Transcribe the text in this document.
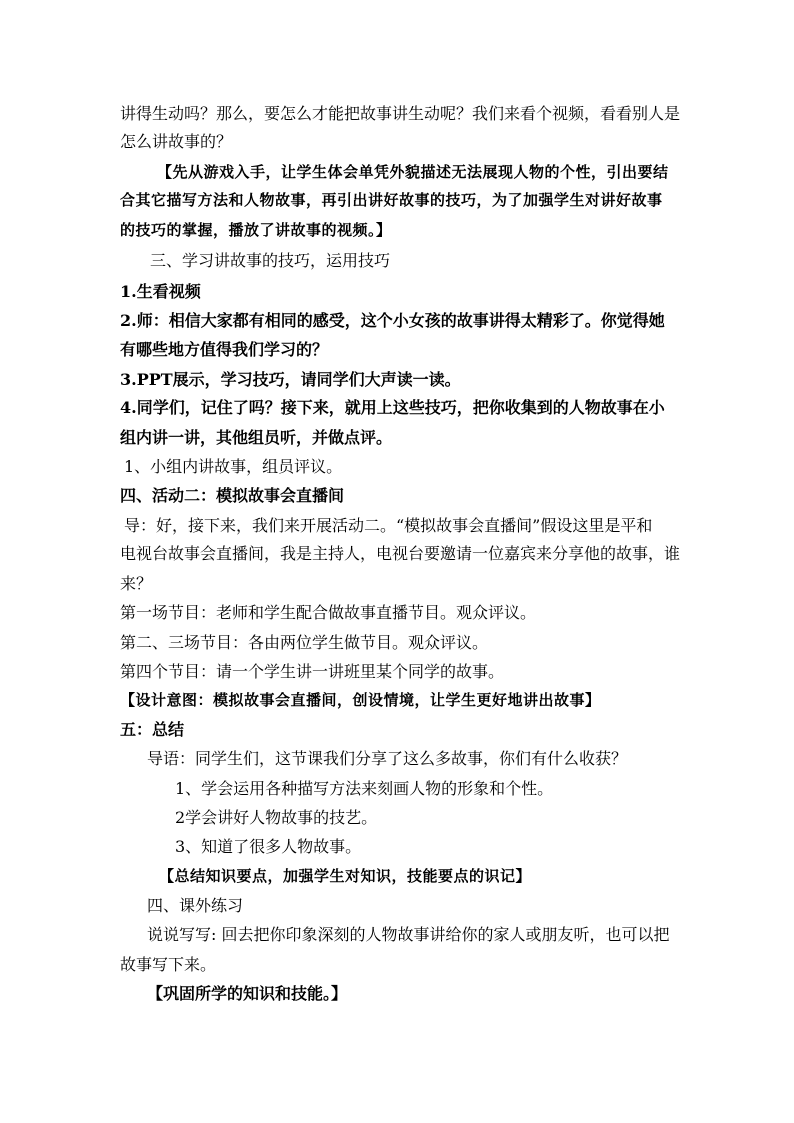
讲得生动吗？那么，要怎么才能把故事讲生动呢？我们来看个视频，看看别人是
怎么讲故事的？
【先从游戏入手，让学生体会单凭外貌描述无法展现人物的个性，引出要结
合其它描写方法和人物故事，再引出讲好故事的技巧，为了加强学生对讲好故事
的技巧的掌握，播放了讲故事的视频。】
三、学习讲故事的技巧，运用技巧
1.生看视频
2.师：相信大家都有相同的感受，这个小女孩的故事讲得太精彩了。你觉得她
有哪些地方值得我们学习的？
3.PPT展示，学习技巧，请同学们大声读一读。
4.同学们，记住了吗？接下来，就用上这些技巧，把你收集到的人物故事在小
组内讲一讲，其他组员听，并做点评。
1、小组内讲故事，组员评议。
四、活动二：模拟故事会直播间
导：好，接下来，我们来开展活动二。“模拟故事会直播间”假设这里是平和
电视台故事会直播间，我是主持人，电视台要邀请一位嘉宾来分享他的故事，谁
来？
第一场节目：老师和学生配合做故事直播节目。观众评议。
第二、三场节目：各由两位学生做节目。观众评议。
第四个节目：请一个学生讲一讲班里某个同学的故事。
【设计意图：模拟故事会直播间，创设情境，让学生更好地讲出故事】
五：总结
导语：同学生们，这节课我们分享了这么多故事，你们有什么收获？
1、学会运用各种描写方法来刻画人物的形象和个性。
2学会讲好人物故事的技艺。
3、知道了很多人物故事。
【总结知识要点，加强学生对知识，技能要点的识记】
四、课外练习
说说写写: 回去把你印象深刻的人物故事讲给你的家人或朋友听，也可以把
故事写下来。
【巩固所学的知识和技能。】
